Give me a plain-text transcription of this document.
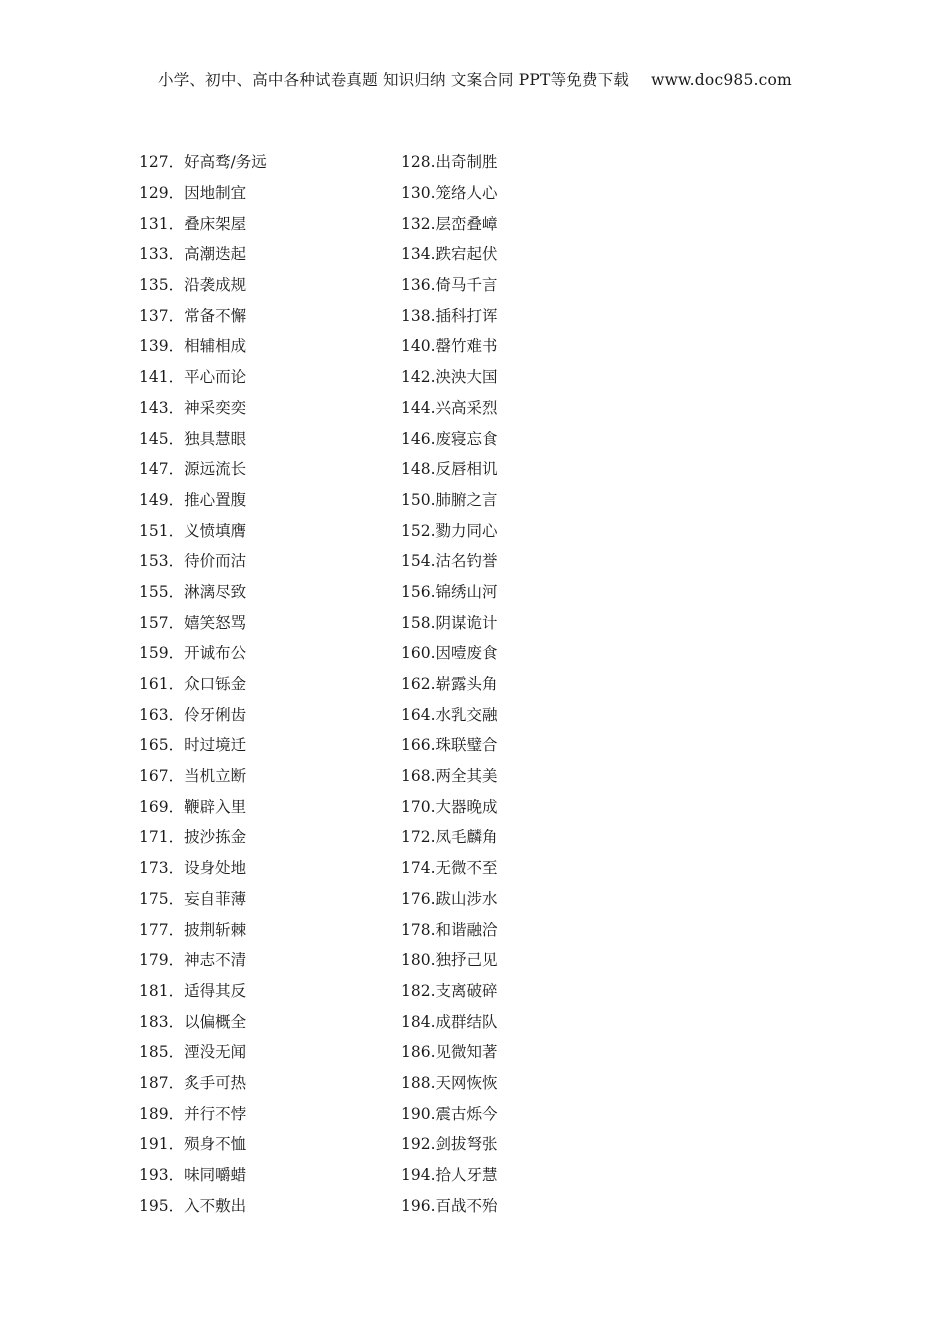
小学、初中、高中各种试卷真题 知识归纳 文案合同 PPT等免费下载 www.doc985.com
127．好高骛/务远	128.出奇制胜
129．因地制宜	130.笼络人心
131．叠床架屋	132.层峦叠嶂
133．高潮迭起	134.跌宕起伏
135．沿袭成规	136.倚马千言
137．常备不懈	138.插科打诨
139．相辅相成	140.罄竹难书
141．平心而论	142.泱泱大国
143．神采奕奕	144.兴高采烈
145．独具慧眼	146.废寝忘食
147．源远流长	148.反唇相讥
149．推心置腹	150.肺腑之言
151．义愤填膺	152.勠力同心
153．待价而沽	154.沽名钓誉
155．淋漓尽致	156.锦绣山河
157．嬉笑怒骂	158.阴谋诡计
159．开诚布公	160.因噎废食
161．众口铄金	162.崭露头角
163．伶牙俐齿	164.水乳交融
165．时过境迁	166.珠联璧合
167．当机立断	168.两全其美
169．鞭辟入里	170.大器晚成
171．披沙拣金	172.凤毛麟角
173．设身处地	174.无微不至
175．妄自菲薄	176.跋山涉水
177．披荆斩棘	178.和谐融洽
179．神志不清	180.独抒己见
181．适得其反	182.支离破碎
183．以偏概全	184.成群结队
185．湮没无闻	186.见微知著
187．炙手可热	188.天网恢恢
189．并行不悖	190.震古烁今
191．殒身不恤	192.剑拔弩张
193．味同嚼蜡	194.拾人牙慧
195．入不敷出	196.百战不殆
